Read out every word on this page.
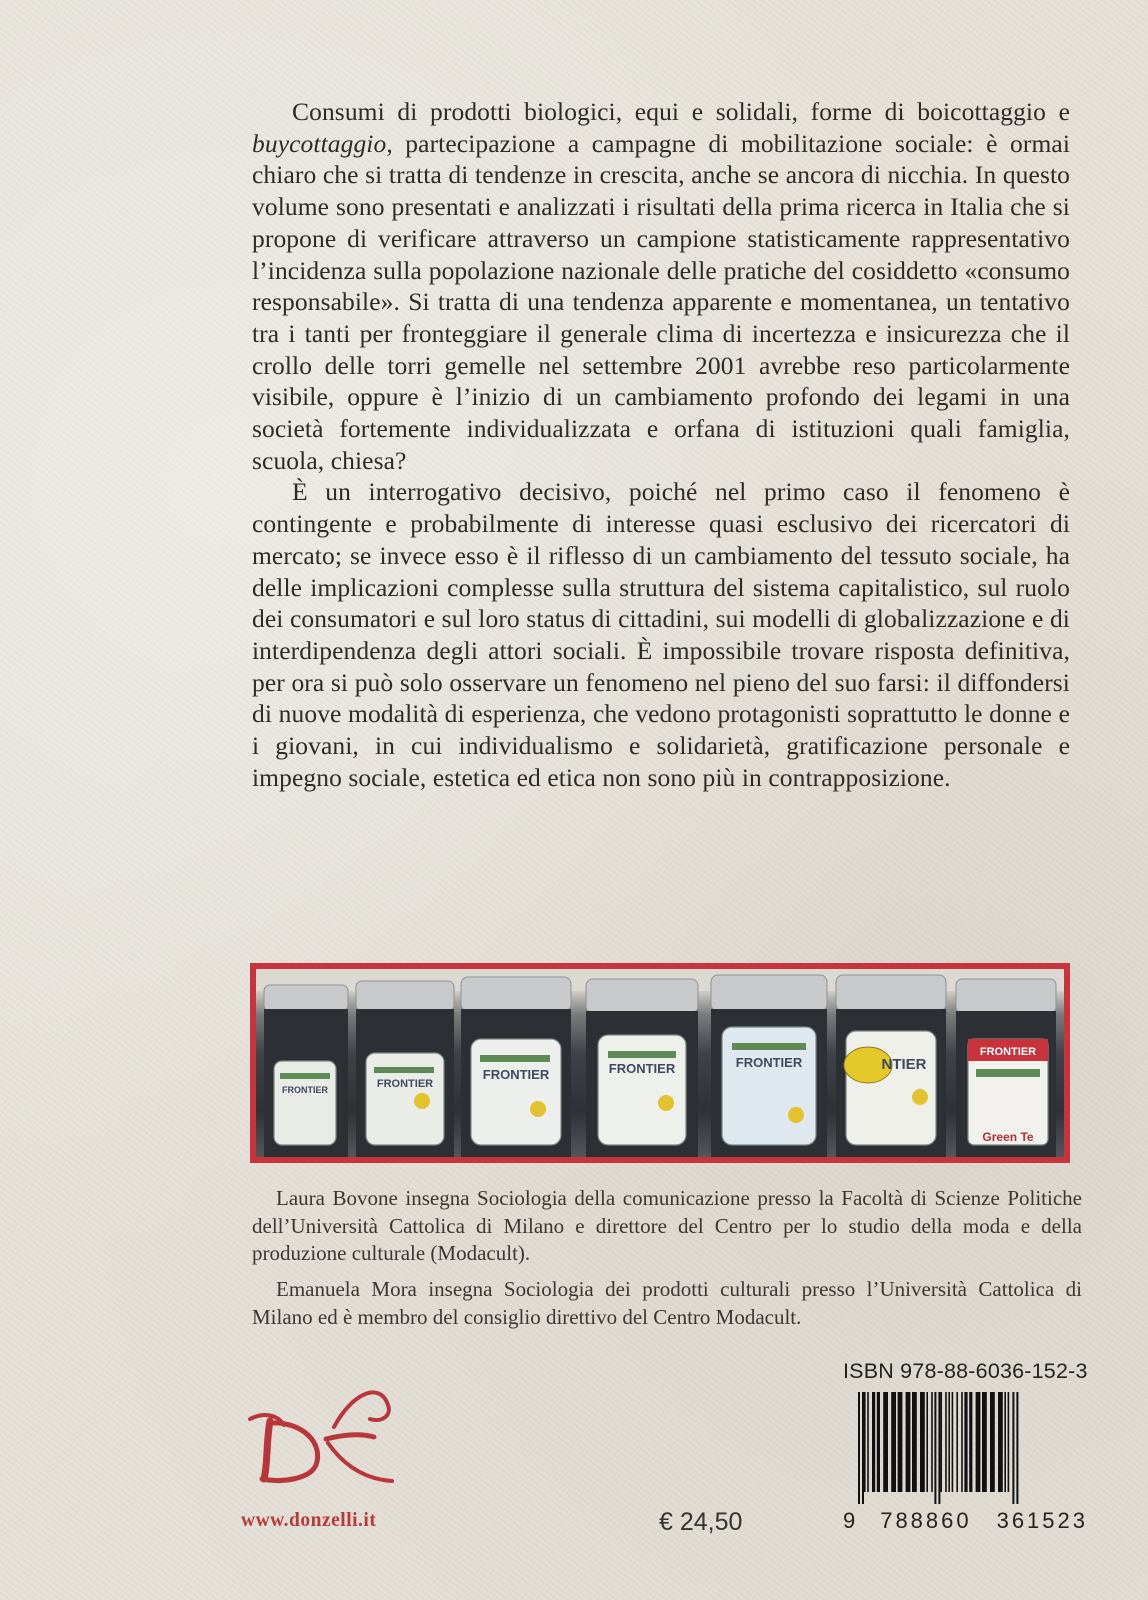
Consumi di prodotti biologici, equi e solidali, forme di boicottaggio e buycottaggio, partecipazione a campagne di mobilitazione sociale: è ormai chiaro che si tratta di tendenze in crescita, anche se ancora di nicchia. In questo volume sono presentati e analizzati i risultati della prima ricerca in Italia che si propone di verificare attraverso un campione statisticamente rappresentativo l’incidenza sulla popolazione nazionale delle pratiche del cosiddetto «consumo responsabile». Si tratta di una tendenza apparente e momentanea, un tentativo tra i tanti per fronteggiare il generale clima di incertezza e insicurezza che il crollo delle torri gemelle nel settembre 2001 avrebbe reso particolarmente visibile, oppure è l’inizio di un cambiamento profondo dei legami in una società fortemente individualizzata e orfana di istituzioni quali famiglia, scuola, chiesa?

È un interrogativo decisivo, poiché nel primo caso il fenomeno è contingente e probabilmente di interesse quasi esclusivo dei ricercatori di mercato; se invece esso è il riflesso di un cambiamento del tessuto sociale, ha delle implicazioni complesse sulla struttura del sistema capitalistico, sul ruolo dei consumatori e sul loro status di cittadini, sui modelli di globalizzazione e di interdipendenza degli attori sociali. È impossibile trovare risposta definitiva, per ora si può solo osservare un fenomeno nel pieno del suo farsi: il diffondersi di nuove modalità di esperienza, che vedono protagonisti soprattutto le donne e i giovani, in cui individualismo e solidarietà, gratificazione personale e impegno sociale, estetica ed etica non sono più in contrapposizione.

FRONTIER	FRONTIER
FRONTIER	FRONTIER	FRONTIER	NTIER
FRONTIER
Green Te

Laura Bovone insegna Sociologia della comunicazione presso la Facoltà di Scienze Politiche dell’Università Cattolica di Milano e direttore del Centro per lo studio della moda e della produzione culturale (Modacult).

Emanuela Mora insegna Sociologia dei prodotti culturali presso l’Università Cattolica di Milano ed è membro del consiglio direttivo del Centro Modacult.

ISBN 978-88-6036-152-3
9 788860 361523
€ 24,50
www.donzelli.it
